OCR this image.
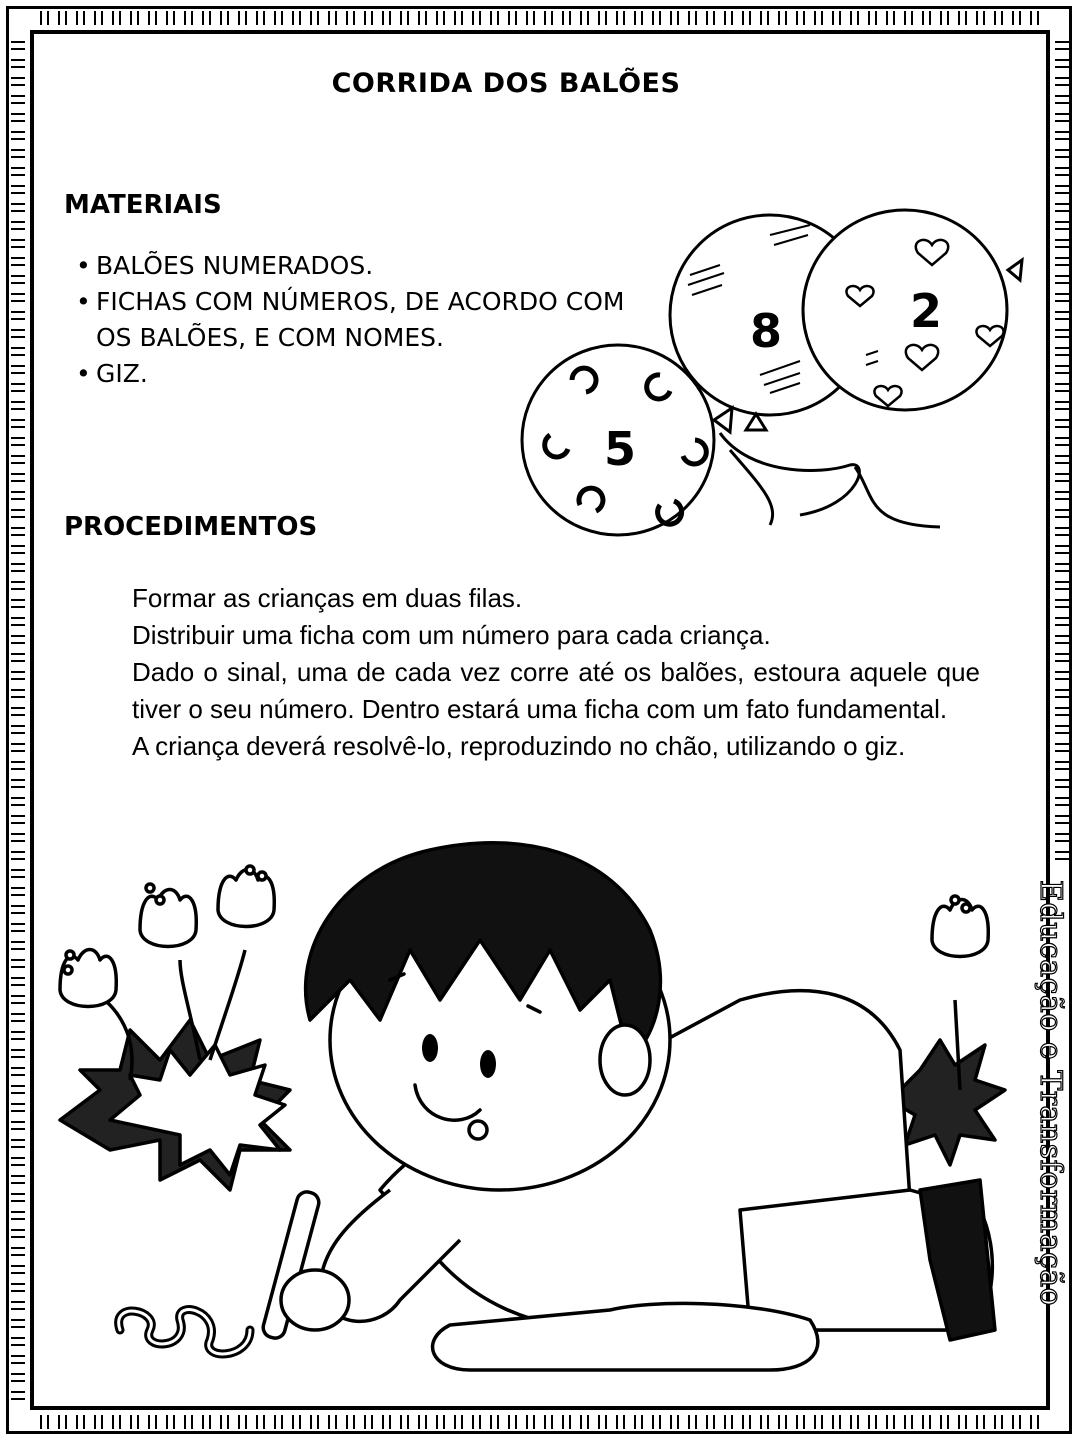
CORRIDA DOS BALÕES
MATERIAIS
• BALÕES NUMERADOS.
• FICHAS COM NÚMEROS, DE ACORDO COM OS BALÕES, E COM NOMES.
• GIZ.
5
8	2
PROCEDIMENTOS

Formar as crianças em duas filas.

Distribuir uma ficha com um número para cada criança.

Dado o sinal, uma de cada vez corre até os balões, estoura aquele que tiver o seu número. Dentro estará uma ficha com um fato fundamental.

A criança deverá resolvê-lo, reproduzindo no chão, utilizando o giz.

Educação e Transformação
